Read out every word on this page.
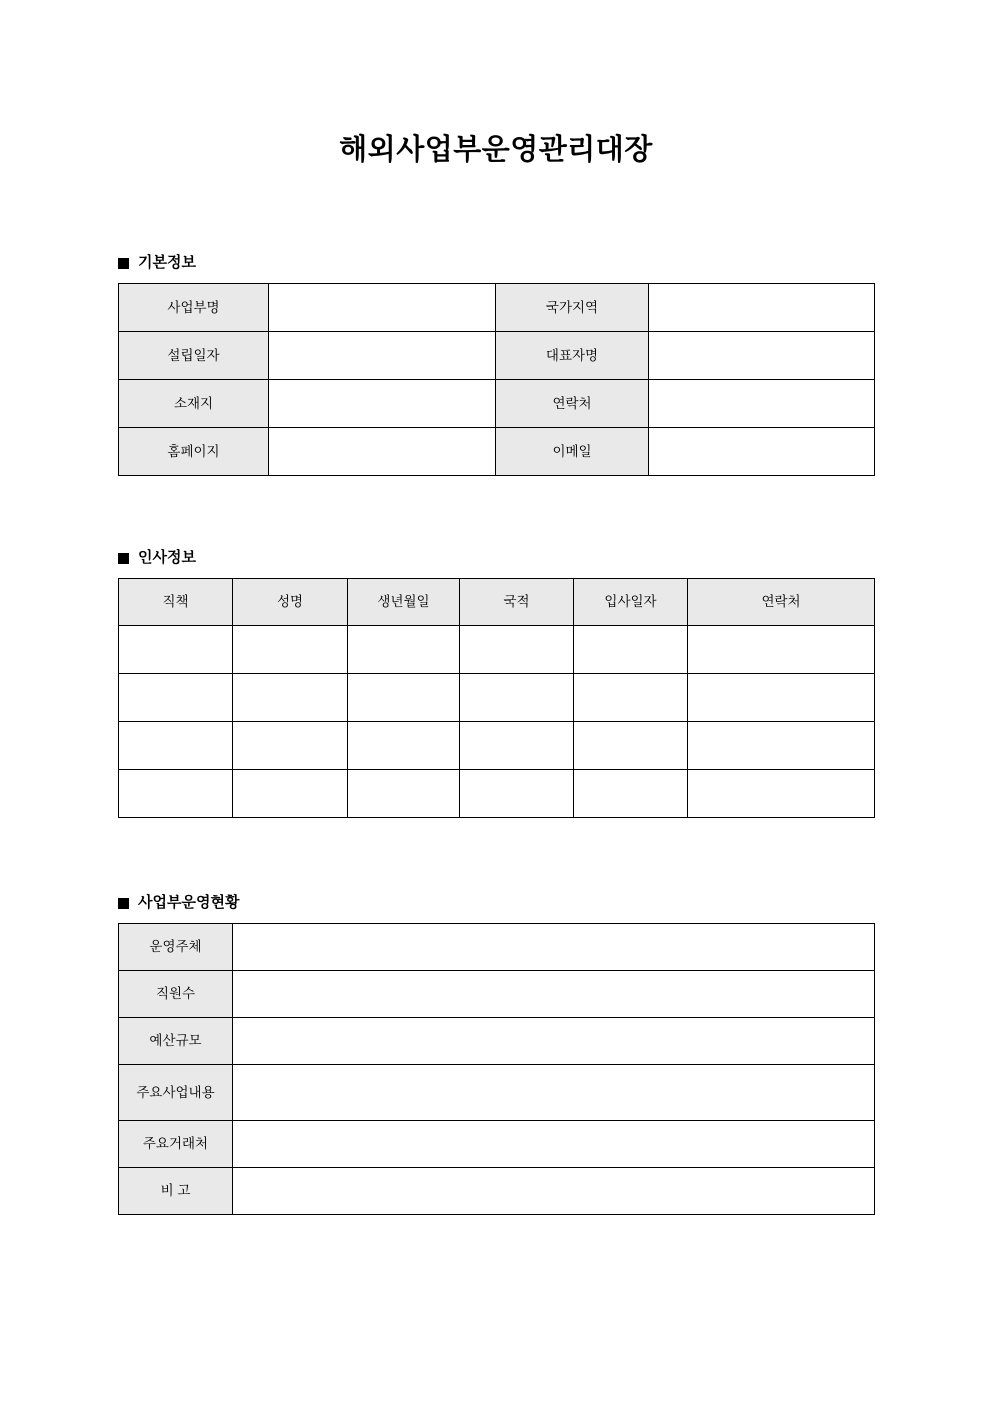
해외사업부운영관리대장
기본정보
사업부명		국가지역	
설립일자		대표자명	
소재지		연락처	
홈페이지		이메일	
인사정보
직책	성명	생년월일	국적	입사일자	연락처

사업부운영현황
운영주체	
직원수	
예산규모	
주요사업내용	
주요거래처	
비 고	
